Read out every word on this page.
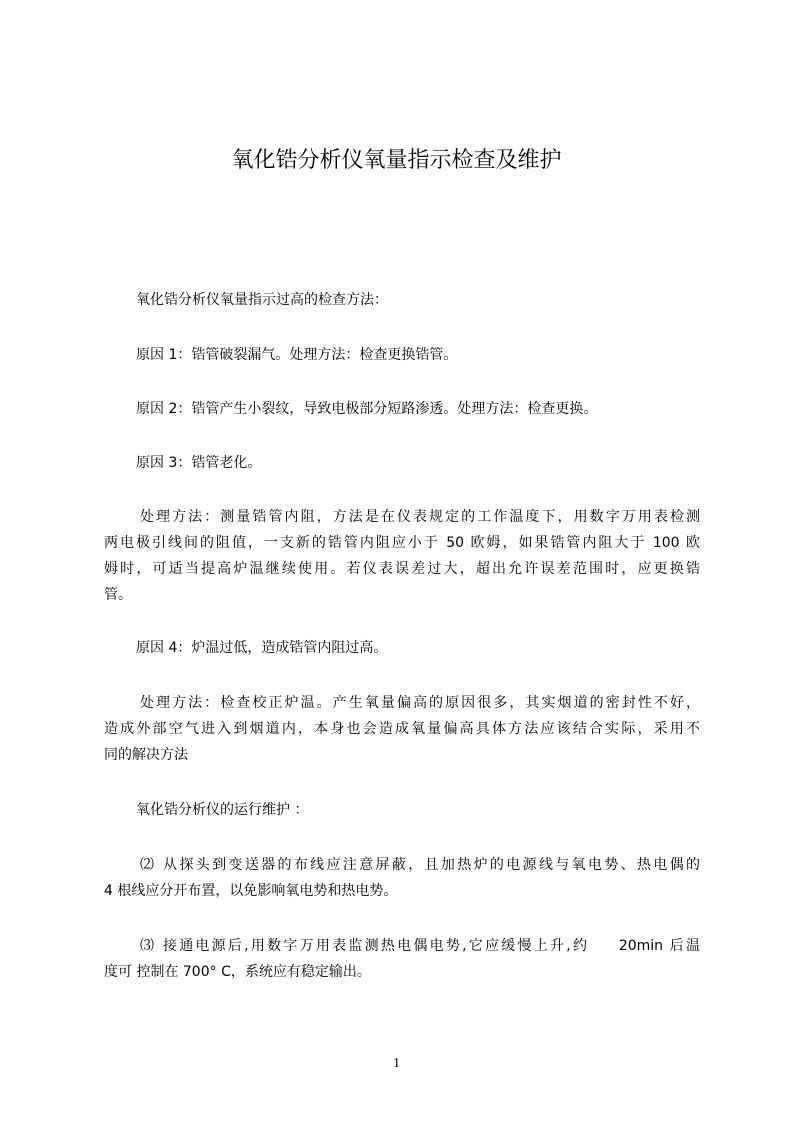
氧化锆分析仪氧量指示检查及维护
氧化锆分析仪氧量指示过高的检查方法：
原因 1：锆管破裂漏气。处理方法：检查更换锆管。
原因 2：锆管产生小裂纹，导致电极部分短路渗透。处理方法：检查更换。
原因 3：锆管老化。
处理方法：测量锆管内阻，方法是在仪表规定的工作温度下，用数字万用表检测
两电极引线间的阻值，一支新的锆管内阻应小于 50 欧姆，如果锆管内阻大于 100 欧
姆时，可适当提高炉温继续使用。若仪表误差过大，超出允许误差范围时，应更换锆
管。
原因 4：炉温过低，造成锆管内阻过高。
处理方法：检查校正炉温。产生氧量偏高的原因很多，其实烟道的密封性不好，
造成外部空气进入到烟道内，本身也会造成氧量偏高具体方法应该结合实际，采用不
同的解决方法
氧化锆分析仪的运行维护 ：
⑵ 从探头到变送器的布线应注意屏蔽，且加热炉的电源线与氧电势、热电偶的
4 根线应分开布置，以免影响氧电势和热电势。
⑶ 接通电源后,用数字万用表监测热电偶电势,它应缓慢上升,约 　 20min 后温
度可 控制在 700° C，系统应有稳定输出。
1
